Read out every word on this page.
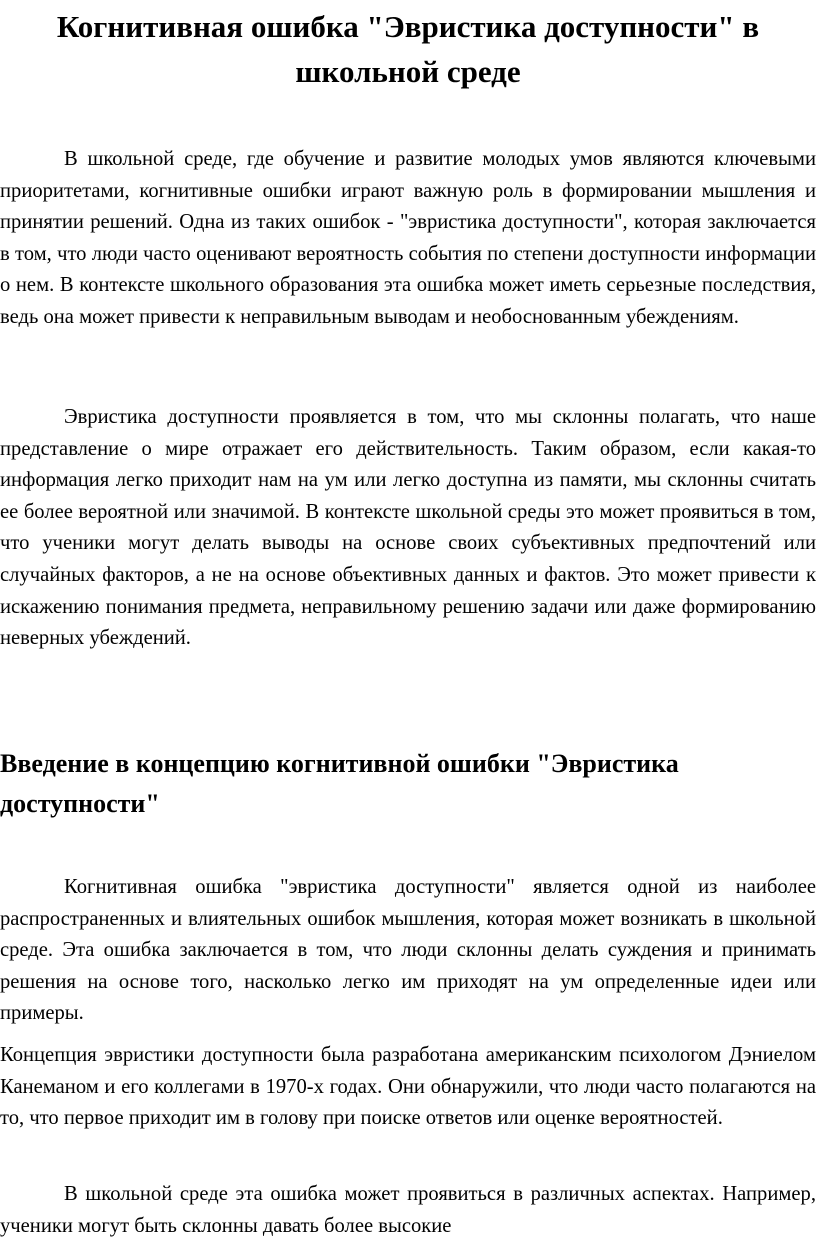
Когнитивная ошибка "Эвристика доступности" в школьной среде

В школьной среде, где обучение и развитие молодых умов являются ключевыми приоритетами, когнитивные ошибки играют важную роль в формировании мышления и принятии решений. Одна из таких ошибок - "эвристика доступности", которая заключается в том, что люди часто оценивают вероятность события по степени доступности информации о нем. В контексте школьного образования эта ошибка может иметь серьезные последствия, ведь она может привести к неправильным выводам и необоснованным убеждениям.

Эвристика доступности проявляется в том, что мы склонны полагать, что наше представление о мире отражает его действительность. Таким образом, если какая-то информация легко приходит нам на ум или легко доступна из памяти, мы склонны считать ее более вероятной или значимой. В контексте школьной среды это может проявиться в том, что ученики могут делать выводы на основе своих субъективных предпочтений или случайных факторов, а не на основе объективных данных и фактов. Это может привести к искажению понимания предмета, неправильному решению задачи или даже формированию неверных убеждений.

Введение в концепцию когнитивной ошибки "Эвристика доступности"

Когнитивная ошибка "эвристика доступности" является одной из наиболее распространенных и влиятельных ошибок мышления, которая может возникать в школьной среде. Эта ошибка заключается в том, что люди склонны делать суждения и принимать решения на основе того, насколько легко им приходят на ум определенные идеи или примеры.

Концепция эвристики доступности была разработана американским психологом Дэниелом Канеманом и его коллегами в 1970-х годах. Они обнаружили, что люди часто полагаются на то, что первое приходит им в голову при поиске ответов или оценке вероятностей.

В школьной среде эта ошибка может проявиться в различных аспектах. Например, ученики могут быть склонны давать более высокие
